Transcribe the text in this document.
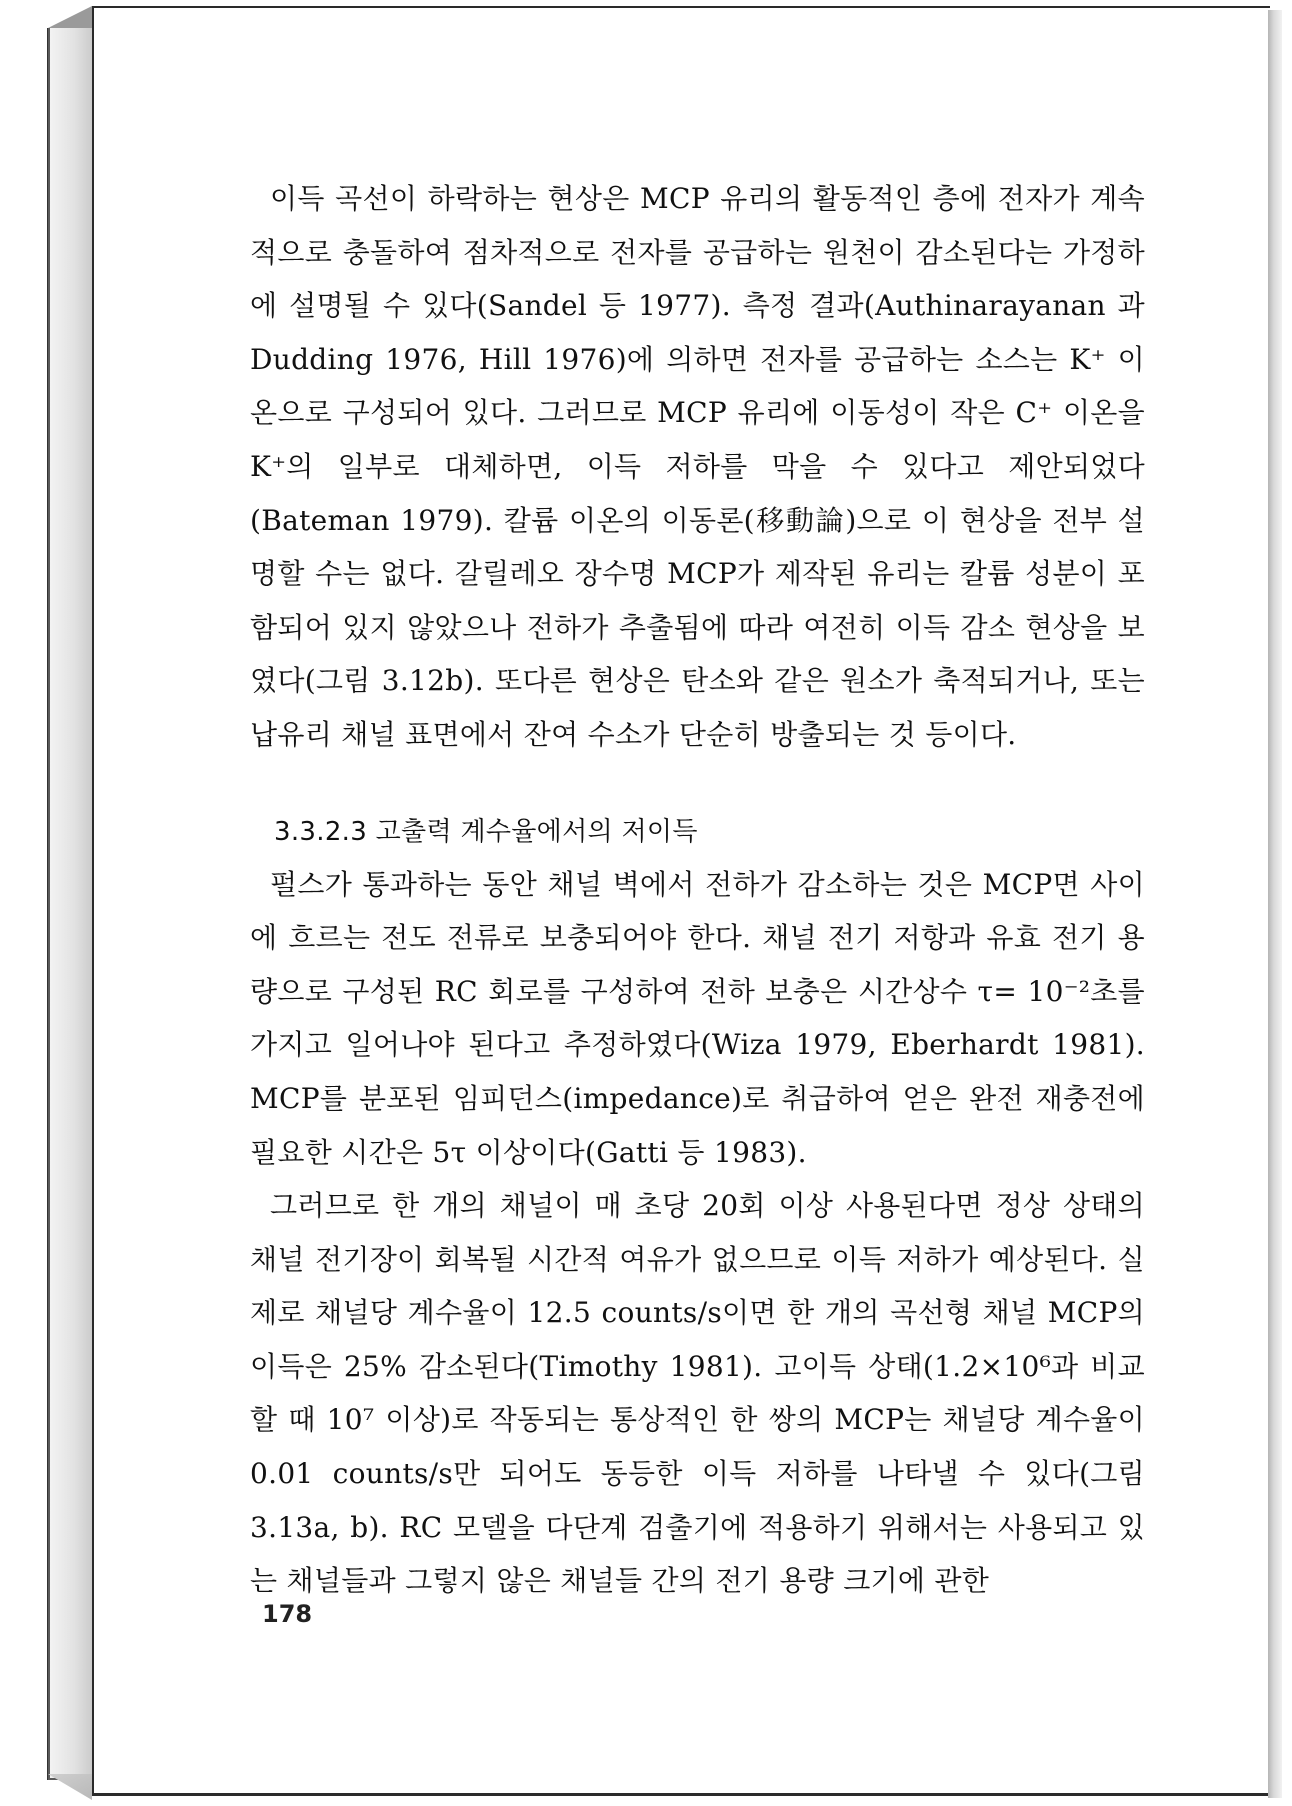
이득 곡선이 하락하는 현상은 MCP 유리의 활동적인 층에 전자가 계속적으로 충돌하여 점차적으로 전자를 공급하는 원천이 감소된다는 가정하에 설명될 수 있다(Sandel 등 1977). 측정 결과(Authinarayanan 과 Dudding 1976, Hill 1976)에 의하면 전자를 공급하는 소스는 K⁺ 이온으로 구성되어 있다. 그러므로 MCP 유리에 이동성이 작은 C⁺ 이온을 K⁺의 일부로 대체하면, 이득 저하를 막을 수 있다고 제안되었다(Bateman 1979). 칼륨 이온의 이동론(移動論)으로 이 현상을 전부 설명할 수는 없다. 갈릴레오 장수명 MCP가 제작된 유리는 칼륨 성분이 포함되어 있지 않았으나 전하가 추출됨에 따라 여전히 이득 감소 현상을 보였다(그림 3.12b). 또다른 현상은 탄소와 같은 원소가 축적되거나, 또는 납유리 채널 표면에서 잔여 수소가 단순히 방출되는 것 등이다.

3.3.2.3 고출력 계수율에서의 저이득

펄스가 통과하는 동안 채널 벽에서 전하가 감소하는 것은 MCP면 사이에 흐르는 전도 전류로 보충되어야 한다. 채널 전기 저항과 유효 전기 용량으로 구성된 RC 회로를 구성하여 전하 보충은 시간상수 τ= 10⁻²초를 가지고 일어나야 된다고 추정하였다(Wiza 1979, Eberhardt 1981). MCP를 분포된 임피던스(impedance)로 취급하여 얻은 완전 재충전에 필요한 시간은 5τ 이상이다(Gatti 등 1983).

그러므로 한 개의 채널이 매 초당 20회 이상 사용된다면 정상 상태의 채널 전기장이 회복될 시간적 여유가 없으므로 이득 저하가 예상된다. 실제로 채널당 계수율이 12.5 counts/s이면 한 개의 곡선형 채널 MCP의 이득은 25% 감소된다(Timothy 1981). 고이득 상태(1.2×10⁶과 비교할 때 10⁷ 이상)로 작동되는 통상적인 한 쌍의 MCP는 채널당 계수율이 0.01 counts/s만 되어도 동등한 이득 저하를 나타낼 수 있다(그림 3.13a, b). RC 모델을 다단계 검출기에 적용하기 위해서는 사용되고 있는 채널들과 그렇지 않은 채널들 간의 전기 용량 크기에 관한

178
